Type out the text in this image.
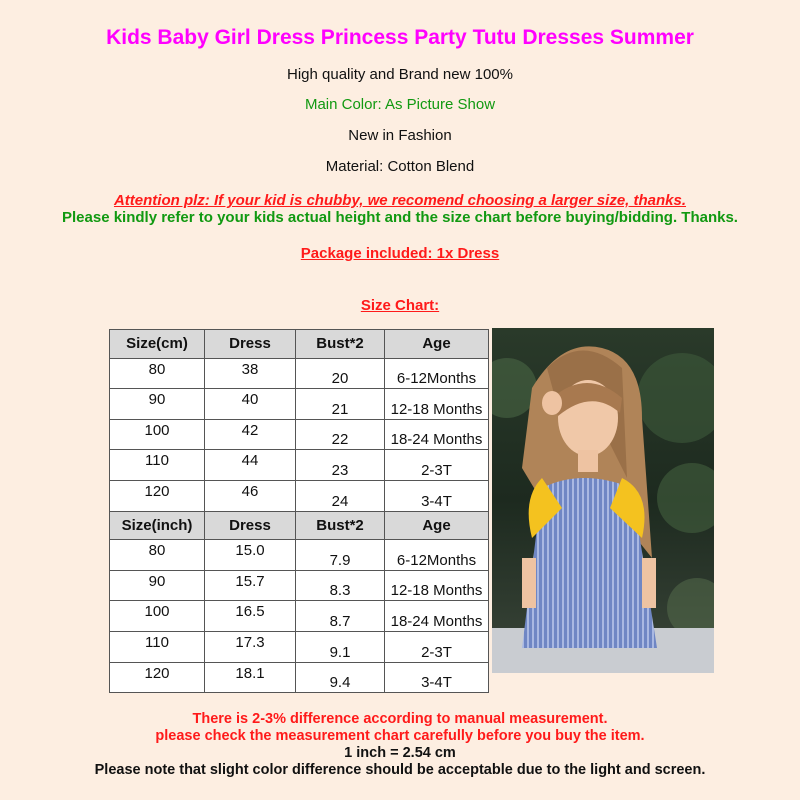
Kids Baby Girl Dress Princess Party Tutu Dresses Summer
High quality and Brand new 100%
Main Color: As Picture Show
New in Fashion
Material: Cotton Blend
Attention plz: If your kid is chubby, we recomend choosing a larger size, thanks.
Please kindly refer to your kids actual height and the size chart before buying/bidding. Thanks.
Package included: 1x Dress
Size Chart:
Size(cm)	Dress	Bust*2	Age
80	38	20	6-12Months
90	40	21	12-18 Months
100	42	22	18-24 Months
110	44	23	2-3T
120	46	24	3-4T
Size(inch)	Dress	Bust*2	Age
80	15.0	7.9	6-12Months
90	15.7	8.3	12-18 Months
100	16.5	8.7	18-24 Months
110	17.3	9.1	2-3T
120	18.1	9.4	3-4T
There is 2-3% difference according to manual measurement.
please check the measurement chart carefully before you buy the item.
1 inch = 2.54 cm
Please note that slight color difference should be acceptable due to the light and screen.
